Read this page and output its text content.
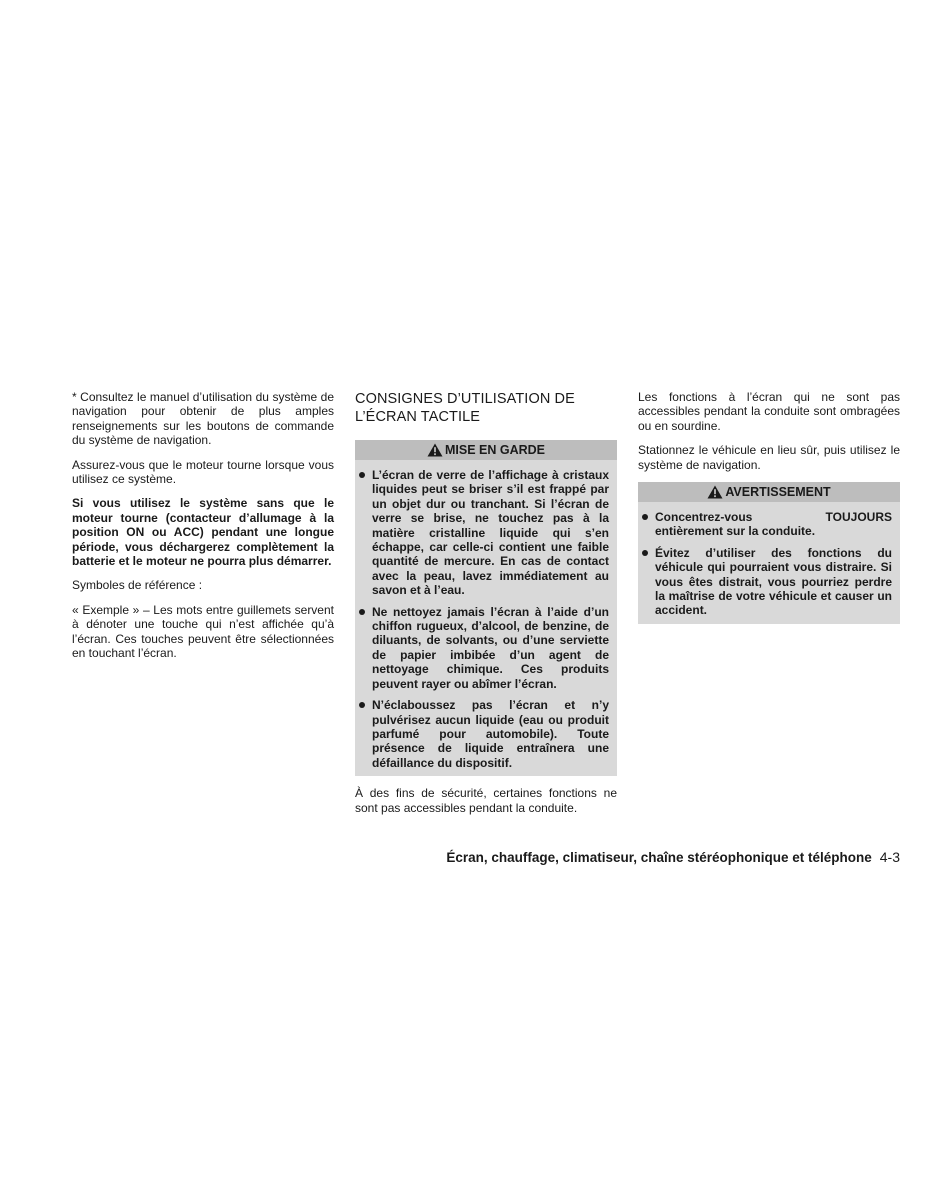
* Consultez le manuel d’utilisation du système de navigation pour obtenir de plus amples renseignements sur les boutons de commande du système de navigation.

Assurez-vous que le moteur tourne lorsque vous utilisez ce système.

Si vous utilisez le système sans que le moteur tourne (contacteur d’allumage à la position ON ou ACC) pendant une longue période, vous déchargerez complètement la batterie et le moteur ne pourra plus démarrer.

Symboles de référence :

« Exemple » – Les mots entre guillemets servent à dénoter une touche qui n’est affichée qu’à l’écran. Ces touches peuvent être sélectionnées en touchant l’écran.

CONSIGNES D’UTILISATION DE
L’ÉCRAN TACTILE
MISE EN GARDE
L’écran de verre de l’affichage à cristaux liquides peut se briser s’il est frappé par un objet dur ou tranchant. Si l’écran de verre se brise, ne touchez pas à la matière cristalline liquide qui s’en échappe, car celle-ci contient une faible quantité de mercure. En cas de contact avec la peau, lavez immédiatement au savon et à l’eau.
Ne nettoyez jamais l’écran à l’aide d’un chiffon rugueux, d’alcool, de benzine, de diluants, de solvants, ou d’une serviette de papier imbibée d’un agent de nettoyage chimique. Ces produits peuvent rayer ou abîmer l’écran.
N’éclaboussez pas l’écran et n’y pulvérisez aucun liquide (eau ou produit parfumé pour automobile). Toute présence de liquide entraînera une défaillance du dispositif.

À des fins de sécurité, certaines fonctions ne sont pas accessibles pendant la conduite.

Les fonctions à l’écran qui ne sont pas accessibles pendant la conduite sont ombragées ou en sourdine.

Stationnez le véhicule en lieu sûr, puis utilisez le système de navigation.

AVERTISSEMENT
Concentrez-vous TOUJOURS entièrement sur la conduite.
Évitez d’utiliser des fonctions du véhicule qui pourraient vous distraire. Si vous êtes distrait, vous pourriez perdre la maîtrise de votre véhicule et causer un accident.
Écran, chauffage, climatiseur, chaîne stéréophonique et téléphone 4-3
